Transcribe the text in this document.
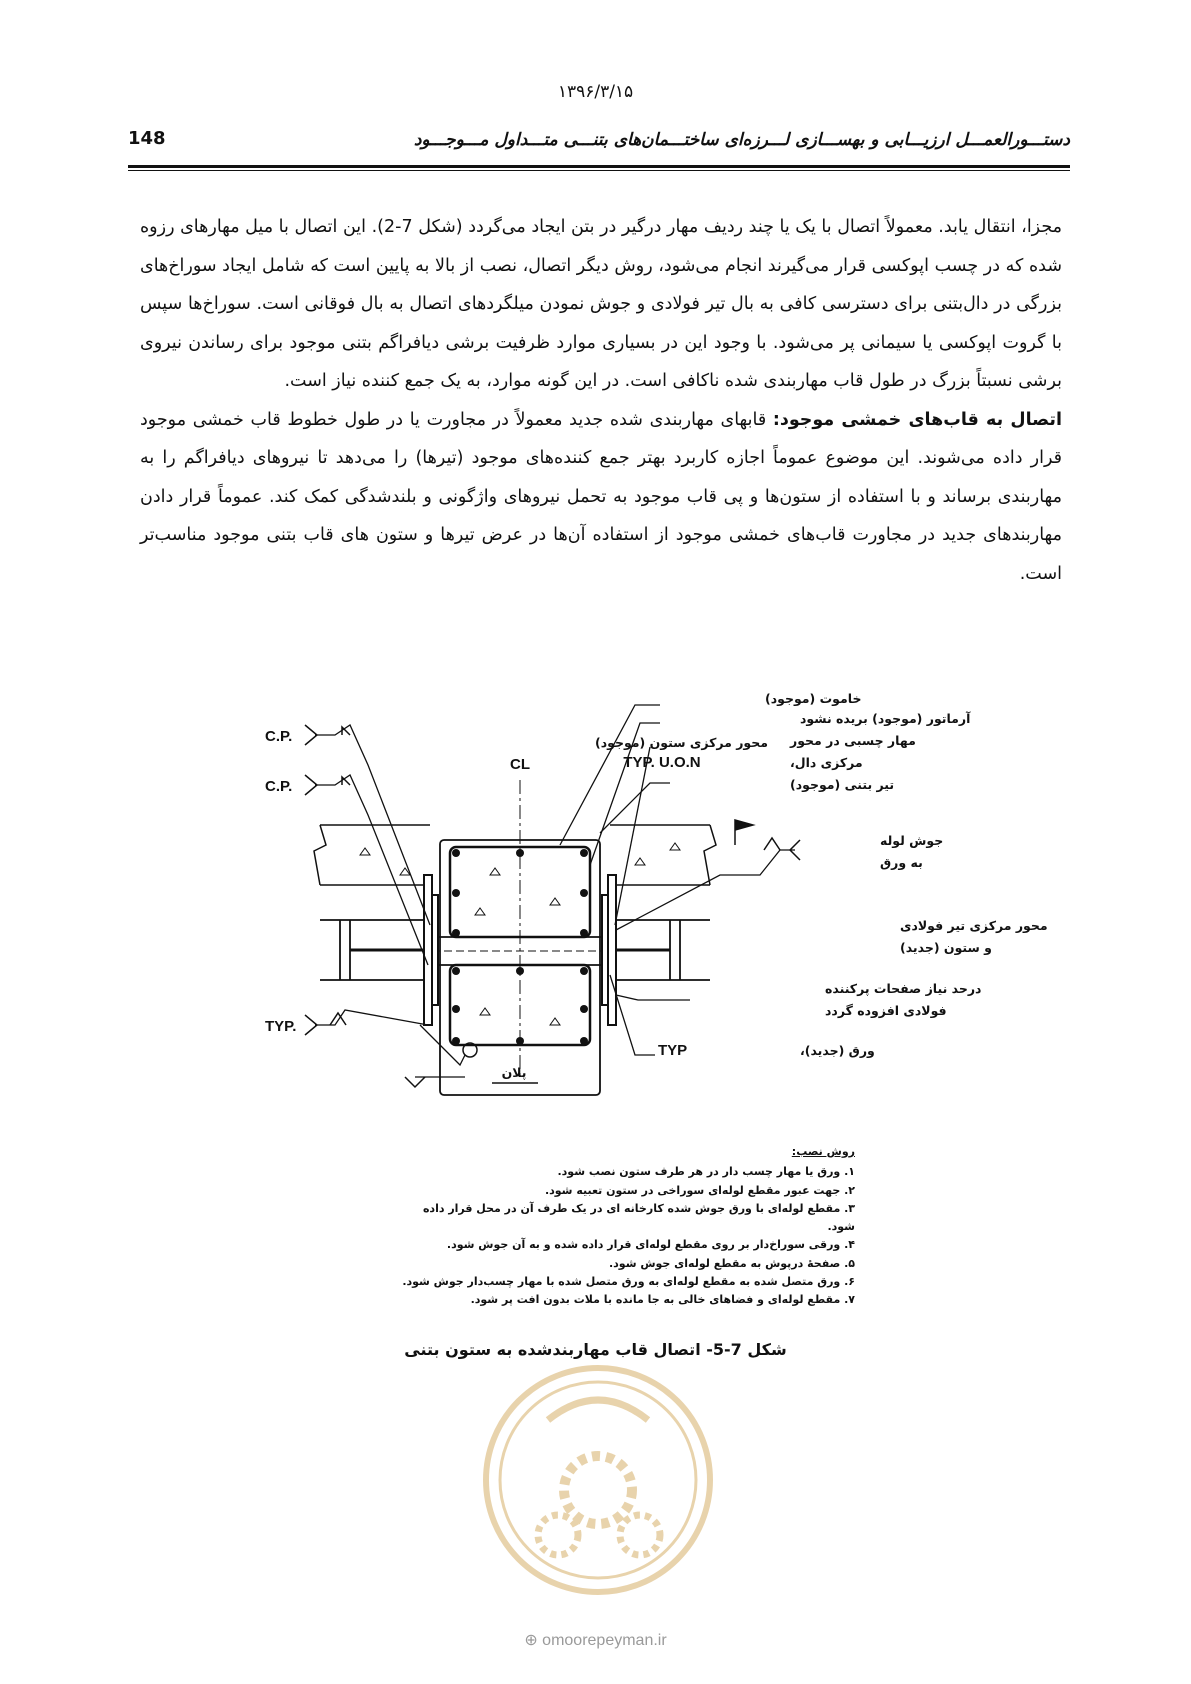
۱۳۹۶/۳/۱۵
148	دستـــورالعمـــل ارزیـــابی و بهســـازی لـــرزه‌ای ساختـــمان‌های بتنـــی متـــداول مـــوجـــود

مجزا، انتقال یابد. معمولاً اتصال با یک یا چند ردیف مهار درگیر در بتن ایجاد می‌گردد (شکل 7-2). این اتصال با میل مهارهای رزوه شده که در چسب اپوکسی قرار می‌گیرند انجام می‌شود، روش دیگر اتصال، نصب از بالا به پایین است که شامل ایجاد سوراخ‌های بزرگی در دال‌بتنی برای دسترسی کافی به بال تیر فولادی و جوش نمودن میلگردهای اتصال به بال فوقانی است. سوراخ‌ها سپس با گروت اپوکسی یا سیمانی پر می‌شود. با وجود این در بسیاری موارد ظرفیت برشی دیافراگم بتنی موجود برای رساندن نیروی برشی نسبتاً بزرگ در طول قاب مهاربندی شده ناکافی است. در این گونه موارد، به یک جمع کننده نیاز است.

اتصال به قاب‌های خمشی موجود: قابهای مهاربندی شده جدید معمولاً در مجاورت یا در طول خطوط قاب خمشی موجود قرار داده می‌شوند. این موضوع عموماً اجازه کاربرد بهتر جمع کننده‌های موجود (تیرها) را می‌دهد تا نیروهای دیافراگم را به مهاربندی برساند و با استفاده از ستون‌ها و پی قاب موجود به تحمل نیروهای واژگونی و بلندشدگی کمک کند. عموماً قرار دادن مهاربندهای جدید در مجاورت قاب‌های خمشی موجود از استفاده آن‌ها در عرض تیرها و ستون های قاب بتنی موجود مناسب‌تر است.

خاموت (موجود)
آرماتور (موجود) بریده نشود
مهار چسبی در محور
مرکزی دال،
TYP. U.O.N
تیر بتنی (موجود)
محور مرکزی ستون (موجود)
CL
C.P.
C.P.
TYP.
جوش لوله
به ورق
محور مرکزی تیر فولادی
و ستون (جدید)
درحد نیاز صفحات پرکننده
فولادی افزوده گردد
ورق (جدید)،
TYP
پلان
روش نصب:
۱. ورق یا مهار چسب دار در هر طرف ستون نصب شود.
۲. جهت عبور مقطع لوله‌ای سوراخی در ستون تعبیه شود.
۳. مقطع لوله‌ای با ورق جوش شده کارخانه ای در یک طرف آن در محل قرار داده شود.
۴. ورقی سوراخ‌دار بر روی مقطع لوله‌ای قرار داده شده و به آن جوش شود.
۵. صفحهٔ درپوش به مقطع لوله‌ای جوش شود.
۶. ورق متصل شده به مقطع لوله‌ای به ورق متصل شده با مهار چسب‌دار جوش شود.
۷. مقطع لوله‌ای و فضاهای خالی به جا مانده با ملات بدون افت پر شود.
شکل 7-5- اتصال قاب مهاربندشده به ستون بتنی
⊕ omoorepeyman.ir
